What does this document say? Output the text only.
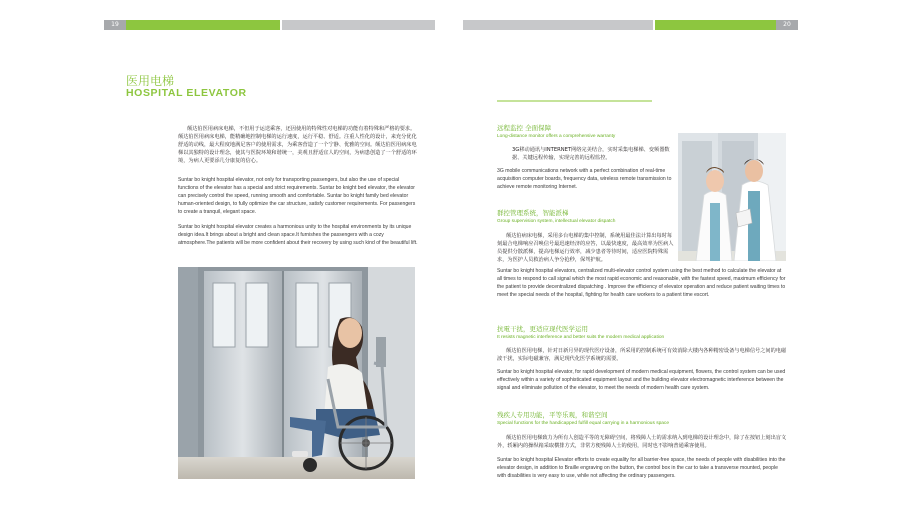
19	20
医用电梯
HOSPITAL ELEVATOR
颠达伯医用病床电梯，不但用于运送乘客，还因使用的特殊性对电梯的功能有着特殊和严格的要求。颠达伯医用病床电梯，能精确地控制电梯的运行速度，运行平稳、舒适。注重人性化的设计，来充分优化舒适的动线，最大程度地满足客户的使用需求，为乘客营造了一个宁静、优雅的空间。颠达伯医用病床电梯以其独特的设计理念，使其与医院环境和谐统一，美观且舒适宜人的空间，为病患创造了一个舒适的环境，为病人更要添几分康复的信心。
Suntar bo knight hospital elevator, not only for transporting passengers, but also the use of special functions of the elevator has a special and strict requirements. Suntar bo knight bed elevator, the elevator can precisely control the speed, running smooth and comfortable. Suntar bo knight family bed elevator human-oriented design, to fully optimize the car structure, satisfy customer requirements. For passengers to create a tranquil, elegant space.
Suntar bo knight hospital elevator creates a harmonious unity to the hospital environments by its unique design idea.It brings about a bright and clean space.It furnishes the passengers with a cozy atmosphere.The patients will be more confident about their recovery by using such kind of the beautiful lift.
远程监控 全面保障
Long-distance monitor offers a comprehensive warranty
3G移动通讯与INTERNET网络完美结合，实时采集电梯梯、变频器数据、关键远程传输，实现完善的远程监控。
3G mobile communications network with a perfect combination of real-time acquisition computer boards, frequency data, wireless remote transmission to achieve remote monitoring Internet.
群控管理系统，智能派梯
Group supervision system, intellectual elevator dispatch
颠达伯病床电梯，采用多台电梯的集中控制，系统用最佳法计算出每时每刻最合电梯响应召唤信号最迅速经济的应答，以最快速度，最高效率为医病人员提供分散派梯，提高电梯运行效率，减少患者等待时间，适应医院特殊需求，为医护人员救治病人争分抢秒，保驾护航。
Suntar bo knight hospital elevators, centralized multi-elevator control system using the best method to calculate the elevator at all times to respond to call signal which the most rapid economic and reasonable, with the fastest speed, maximum efficiency for the patient to provide decentralized dispatching . Improve the efficiency of elevator operation and reduce patient waiting times to meet the special needs of the hospital, fighting for health care workers to a patient time escort.
抗電干扰，更适应现代医学运用
It resists magnetic interference and better suits the modern medical application
颠达伯医用电梯，针对日新月异的现代医疗设备，所采用的控制系统可有效消除大楼内各种精密设备与电梯信号之间的电磁波干扰，实际电磁兼容，满足现代化医学系统的需要。
Suntar bo knight hospital elevator, for rapid development of modern medical equipment, flowers, the control system can be used effectively within a variety of sophisticated equipment layout and the building elevator electromagnetic interference between the signal and eliminate pollution of the elevator, to meet the needs of modern health care system.
残疾人专用功能，平等乐观，和谐空间
Special functions for the handicapped fulfill equal carrying in a harmonious space
颠达伯医用电梯致力为所有人创造平等的无障碍空间，将残障人士的需求纳入到电梯的设计理念中，除了在按钮上刻出盲文外，轿厢内的操纵箱采取横排方式，非常方便残障人士的使用，同时也不影响普通乘客使用。
Suntar bo knight hospital Elevator efforts to create equality for all barrier-free space, the needs of people with disabilities into the elevator design, in addition to Braille engraving on the button, the control box in the car to take a transverse mounted, people with disabilities is very easy to use, while not affecting the ordinary passengers.
